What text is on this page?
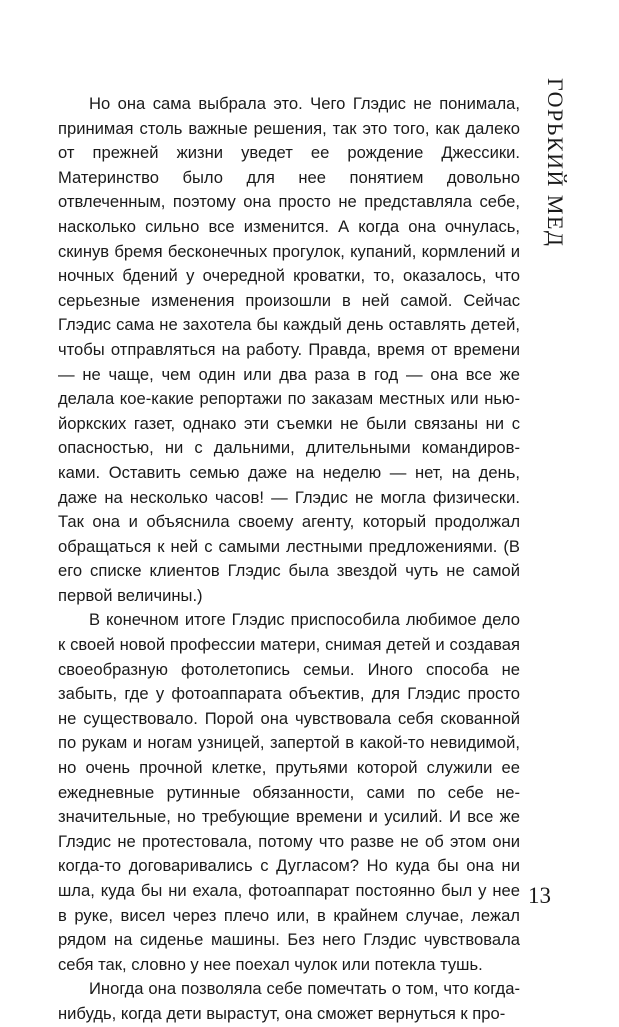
Но она сама выбрала это. Чего Глэдис не понимала, принимая столь важные решения, так это того, как далеко от прежней жизни уведет ее рождение Джессики. Материнство было для нее понятием довольно отвлеченным, поэтому она просто не представляла себе, насколько сильно все изменится. А когда она очнулась, скинув бремя бесконечных прогулок, купаний, кормлений и ночных бдений у очередной кроватки, то, оказалось, что серьезные изменения произошли в ней самой. Сейчас Глэдис сама не захотела бы каждый день оставлять детей, чтобы отправляться на работу. Правда, время от времени — не чаще, чем один или два раза в год — она все же делала кое-какие репортажи по заказам местных или нью-йоркских газет, однако эти съемки не были связаны ни с опасностью, ни с дальними, длительными командировками. Оставить семью даже на неделю — нет, на день, даже на несколько часов! — Глэдис не могла физически. Так она и объяснила своему агенту, который продолжал обращаться к ней с самыми лестными предложениями. (В его списке клиентов Глэдис была звездой чуть не самой первой величины.)

В конечном итоге Глэдис приспособила любимое дело к своей новой профессии матери, снимая детей и создавая своеобразную фотолетопись семьи. Иного способа не забыть, где у фотоаппарата объектив, для Глэдис просто не существовало. Порой она чувствовала себя скованной по рукам и ногам узницей, запертой в какой-то невидимой, но очень прочной клетке, прутьями которой служили ее ежедневные рутинные обязанности, сами по себе незначительные, но требующие времени и усилий. И все же Глэдис не протестовала, потому что разве не об этом они когда-то договаривались с Дугласом? Но куда бы она ни шла, куда бы ни ехала, фотоаппарат постоянно был у нее в руке, висел через плечо или, в крайнем случае, лежал рядом на сиденье машины. Без него Глэдис чувствовала себя так, словно у нее поехал чулок или потекла тушь.

Иногда она позволяла себе помечтать о том, что когда-нибудь, когда дети вырастут, она сможет вернуться к про-

ГОРЬКИЙ МЕД
13
